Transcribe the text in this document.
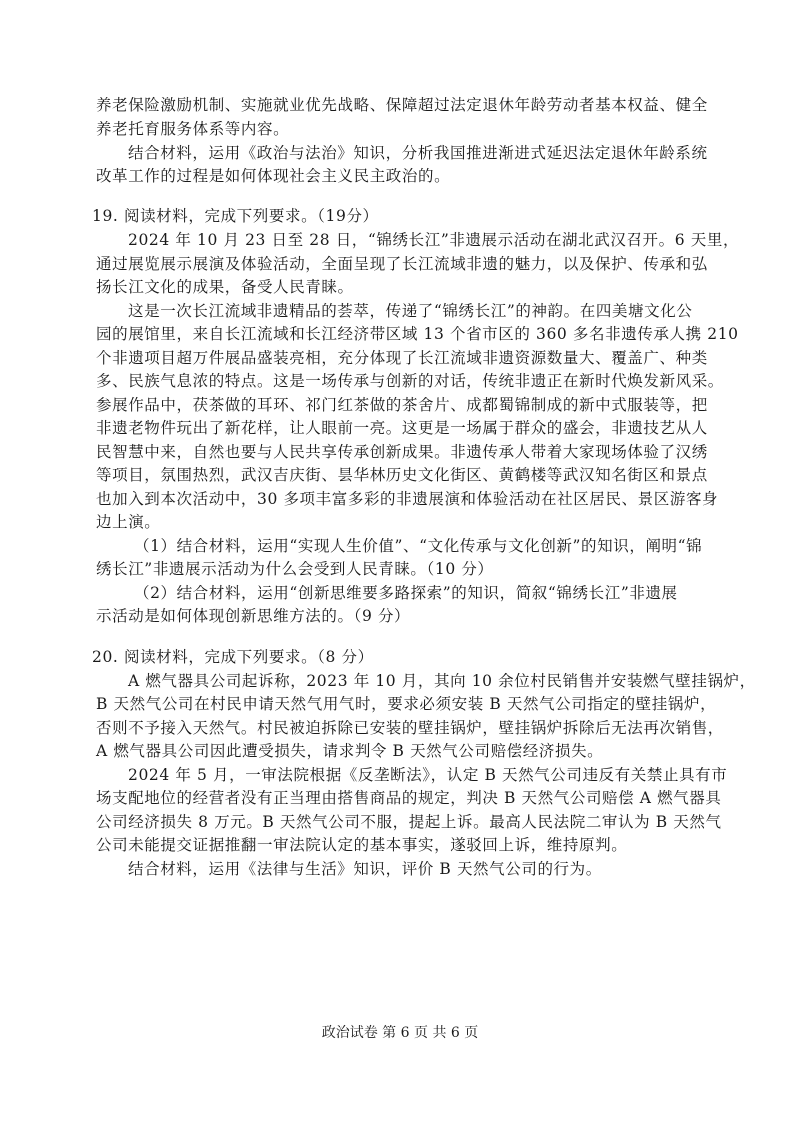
养老保险激励机制、实施就业优先战略、保障超过法定退休年龄劳动者基本权益、健全
养老托育服务体系等内容。
结合材料，运用《政治与法治》知识，分析我国推进渐进式延迟法定退休年龄系统
改革工作的过程是如何体现社会主义民主政治的。
19. 阅读材料，完成下列要求。（19分）
2024 年 10 月 23 日至 28 日，“锦绣长江”非遗展示活动在湖北武汉召开。6 天里，
通过展览展示展演及体验活动，全面呈现了长江流域非遗的魅力，以及保护、传承和弘
扬长江文化的成果，备受人民青睐。
这是一次长江流域非遗精品的荟萃，传递了“锦绣长江”的神韵。在四美塘文化公
园的展馆里，来自长江流域和长江经济带区域 13 个省市区的 360 多名非遗传承人携 210
个非遗项目超万件展品盛装亮相，充分体现了长江流域非遗资源数量大、覆盖广、种类
多、民族气息浓的特点。这是一场传承与创新的对话，传统非遗正在新时代焕发新风采。
参展作品中，茯茶做的耳环、祁门红茶做的茶舍片、成都蜀锦制成的新中式服装等，把
非遗老物件玩出了新花样，让人眼前一亮。这更是一场属于群众的盛会，非遗技艺从人
民智慧中来，自然也要与人民共享传承创新成果。非遗传承人带着大家现场体验了汉绣
等项目，氛围热烈，武汉吉庆街、昙华林历史文化街区、黄鹤楼等武汉知名街区和景点
也加入到本次活动中，30 多项丰富多彩的非遗展演和体验活动在社区居民、景区游客身
边上演。
（1）结合材料，运用“实现人生价值”、“文化传承与文化创新”的知识，阐明“锦
绣长江”非遗展示活动为什么会受到人民青睐。（10 分）
（2）结合材料，运用“创新思维要多路探索”的知识，简叙“锦绣长江”非遗展
示活动是如何体现创新思维方法的。（9 分）
20. 阅读材料，完成下列要求。（8 分）
A 燃气器具公司起诉称，2023 年 10 月，其向 10 余位村民销售并安装燃气壁挂锅炉，
B 天然气公司在村民申请天然气用气时，要求必须安装 B 天然气公司指定的壁挂锅炉，
否则不予接入天然气。村民被迫拆除已安装的壁挂锅炉，壁挂锅炉拆除后无法再次销售，
A 燃气器具公司因此遭受损失，请求判令 B 天然气公司赔偿经济损失。
2024 年 5 月，一审法院根据《反垄断法》，认定 B 天然气公司违反有关禁止具有市
场支配地位的经营者没有正当理由搭售商品的规定，判决 B 天然气公司赔偿 A 燃气器具
公司经济损失 8 万元。B 天然气公司不服，提起上诉。最高人民法院二审认为 B 天然气
公司未能提交证据推翻一审法院认定的基本事实，遂驳回上诉，维持原判。
结合材料，运用《法律与生活》知识，评价 B 天然气公司的行为。
政治试卷 第 6 页 共 6 页
